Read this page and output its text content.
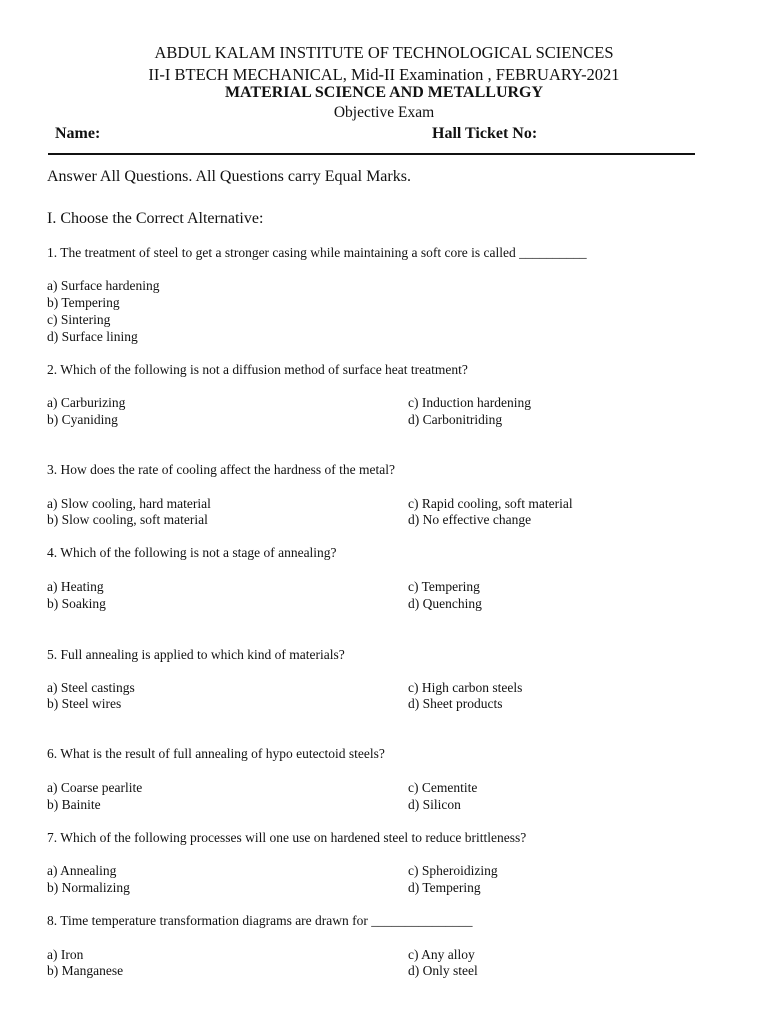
ABDUL KALAM INSTITUTE OF TECHNOLOGICAL SCIENCES
II-I BTECH MECHANICAL, Mid-II Examination , FEBRUARY-2021
MATERIAL SCIENCE AND METALLURGY
Objective Exam
Name:	Hall Ticket No:
Answer All Questions. All Questions carry Equal Marks.
I. Choose the Correct Alternative:
1. The treatment of steel to get a stronger casing while maintaining a soft core is called __________
a) Surface hardening
b) Tempering
c) Sintering
d) Surface lining
2. Which of the following is not a diffusion method of surface heat treatment?
a) Carburizing
b) Cyaniding
c) Induction hardening
d) Carbonitriding
3. How does the rate of cooling affect the hardness of the metal?
a) Slow cooling, hard material
b) Slow cooling, soft material
c) Rapid cooling, soft material
d) No effective change
4. Which of the following is not a stage of annealing?
a) Heating
b) Soaking
c) Tempering
d) Quenching
5. Full annealing is applied to which kind of materials?
a) Steel castings
b) Steel wires
c) High carbon steels
d) Sheet products
6. What is the result of full annealing of hypo eutectoid steels?
a) Coarse pearlite
b) Bainite
c) Cementite
d) Silicon
7. Which of the following processes will one use on hardened steel to reduce brittleness?
a) Annealing
b) Normalizing
c) Spheroidizing
d) Tempering
8. Time temperature transformation diagrams are drawn for _______________
a) Iron
b) Manganese
c) Any alloy
d) Only steel
